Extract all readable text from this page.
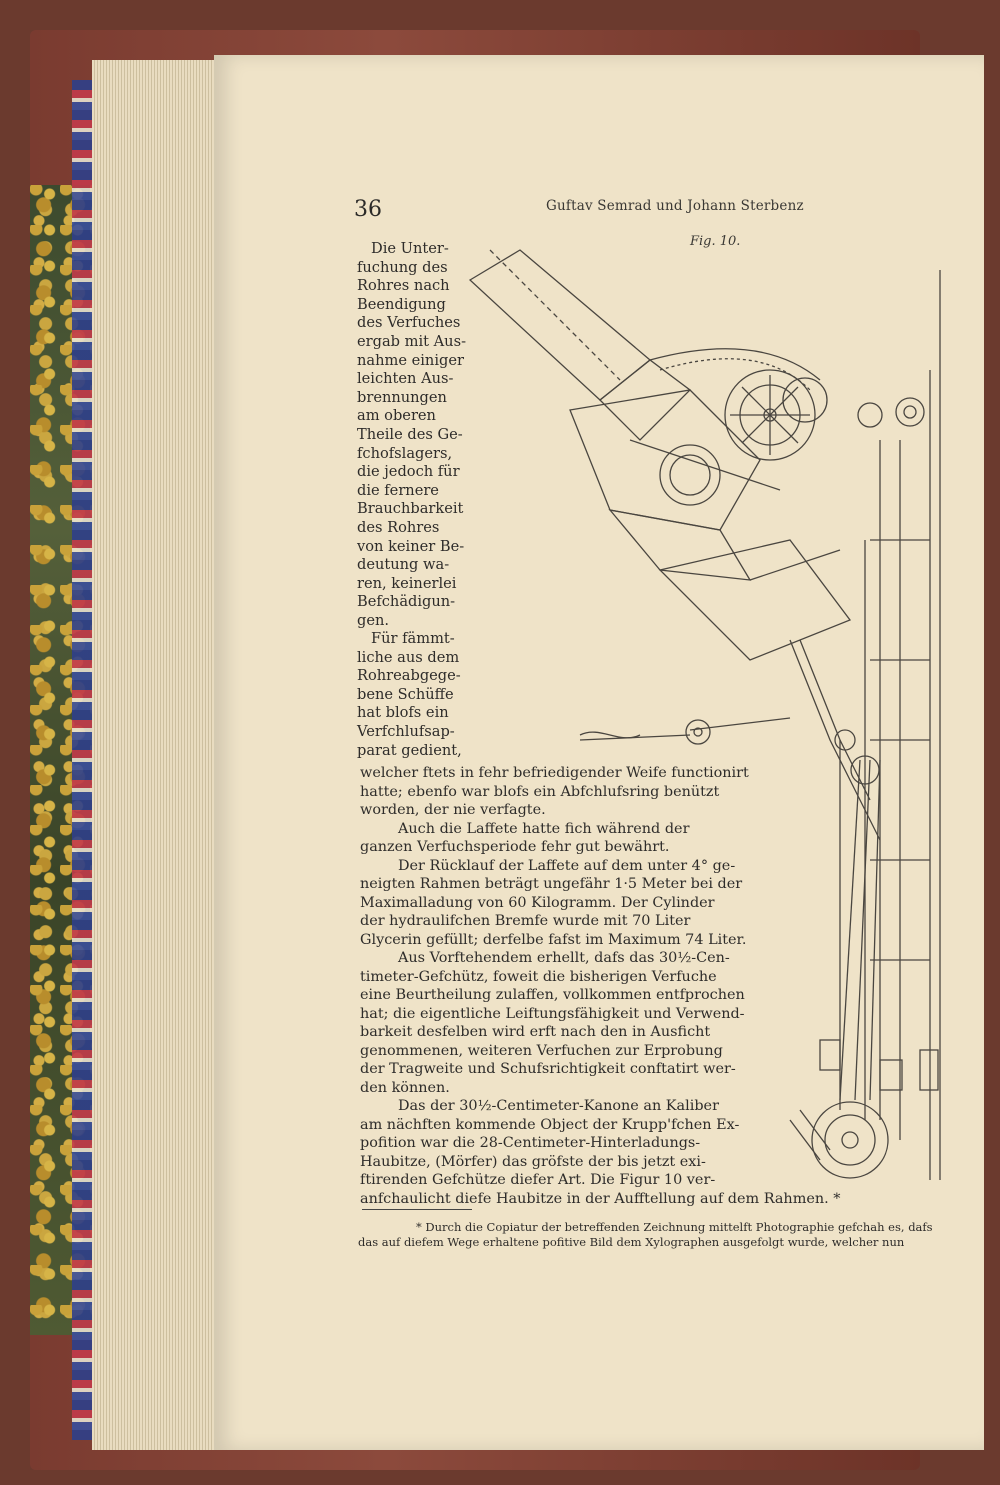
36	Guftav Semrad und Johann Sterbenz
Fig. 10.
Die Unter-
fuchung des
Rohres nach
Beendigung
des Verfuches
ergab mit Aus-
nahme einiger
leichten Aus-
brennungen
am oberen
Theile des Ge-
fchofslagers,
die jedoch für
die fernere
Brauchbarkeit
des Rohres
von keiner Be-
deutung wa-
ren, keinerlei
Befchädigun-
gen.
Für fämmt-
liche aus dem
Rohreabgege-
bene Schüffe
hat blofs ein
Verfchlufsap-
parat gedient,
welcher ftets in fehr befriedigender Weife functionirt
hatte; ebenfo war blofs ein Abfchlufsring benützt
worden, der nie verfagte.
Auch die Laffete hatte fich während der
ganzen Verfuchsperiode fehr gut bewährt.
Der Rücklauf der Laffete auf dem unter 4° ge-
neigten Rahmen beträgt ungefähr 1·5 Meter bei der
Maximalladung von 60 Kilogramm. Der Cylinder
der hydraulifchen Bremfe wurde mit 70 Liter
Glycerin gefüllt; derfelbe fafst im Maximum 74 Liter.
Aus Vorftehendem erhellt, dafs das 30½-Cen-
timeter-Gefchütz, foweit die bisherigen Verfuche
eine Beurtheilung zulaffen, vollkommen entfprochen
hat; die eigentliche Leiftungsfähigkeit und Verwend-
barkeit desfelben wird erft nach den in Ausficht
genommenen, weiteren Verfuchen zur Erprobung
der Tragweite und Schufsrichtigkeit conftatirt wer-
den können.
Das der 30½-Centimeter-Kanone an Kaliber
am nächften kommende Object der Krupp'fchen Ex-
pofition war die 28-Centimeter-Hinterladungs-
Haubitze, (Mörfer) das gröfste der bis jetzt exi-
ftirenden Gefchütze diefer Art. Die Figur 10 ver-
anfchaulicht diefe Haubitze in der Aufftellung auf dem Rahmen. *
* Durch die Copiatur der betreffenden Zeichnung mittelft Photographie gefchah es, dafs
das auf diefem Wege erhaltene pofitive Bild dem Xylographen ausgefolgt wurde, welcher nun
